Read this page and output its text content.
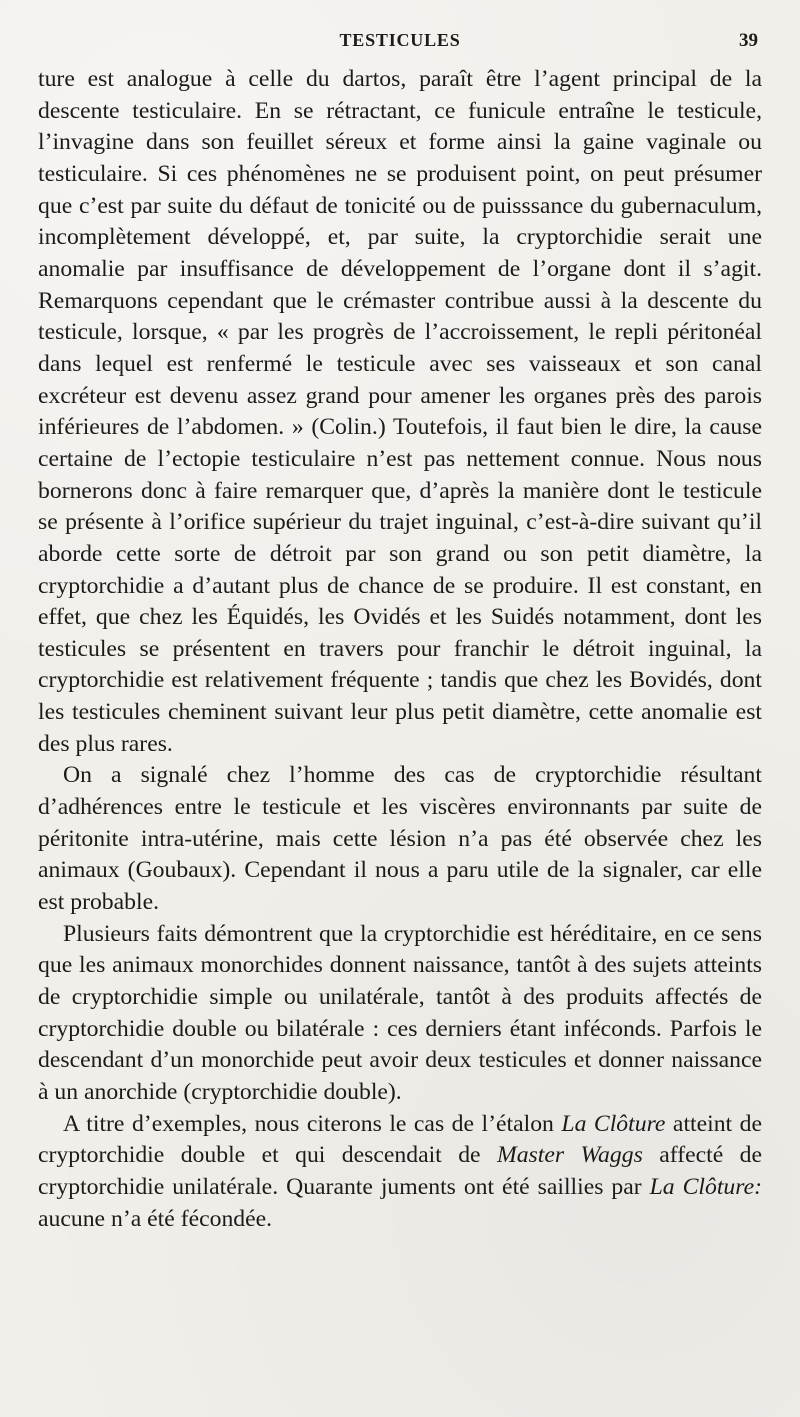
TESTICULES	39

ture est analogue à celle du dartos, paraît être l’agent principal de la descente testiculaire. En se rétractant, ce funicule entraîne le testicule, l’invagine dans son feuillet séreux et forme ainsi la gaine vaginale ou testiculaire. Si ces phénomènes ne se produisent point, on peut présumer que c’est par suite du défaut de tonicité ou de puisssance du gubernaculum, incomplètement développé, et, par suite, la cryptorchidie serait une anomalie par insuffisance de développement de l’organe dont il s’agit. Remarquons cependant que le crémaster contribue aussi à la descente du testicule, lorsque, « par les progrès de l’accroissement, le repli péritonéal dans lequel est renfermé le testicule avec ses vaisseaux et son canal excréteur est devenu assez grand pour amener les organes près des parois inférieures de l’abdomen. » (Colin.) Toutefois, il faut bien le dire, la cause certaine de l’ectopie testiculaire n’est pas nettement connue. Nous nous bornerons donc à faire remarquer que, d’après la manière dont le testicule se présente à l’orifice supérieur du trajet inguinal, c’est-à-dire suivant qu’il aborde cette sorte de détroit par son grand ou son petit diamètre, la cryptorchidie a d’autant plus de chance de se produire. Il est constant, en effet, que chez les Équidés, les Ovidés et les Suidés notamment, dont les testicules se présentent en travers pour franchir le détroit inguinal, la cryptorchidie est relativement fréquente ; tandis que chez les Bovidés, dont les testicules cheminent suivant leur plus petit diamètre, cette anomalie est des plus rares.

On a signalé chez l’homme des cas de cryptorchidie résultant d’adhérences entre le testicule et les viscères environnants par suite de péritonite intra-utérine, mais cette lésion n’a pas été observée chez les animaux (Goubaux). Cependant il nous a paru utile de la signaler, car elle est probable.

Plusieurs faits démontrent que la cryptorchidie est héréditaire, en ce sens que les animaux monorchides donnent naissance, tantôt à des sujets atteints de cryptorchidie simple ou unilatérale, tantôt à des produits affectés de cryptorchidie double ou bilatérale : ces derniers étant inféconds. Parfois le descendant d’un monorchide peut avoir deux testicules et donner naissance à un anorchide (cryptorchidie double).

A titre d’exemples, nous citerons le cas de l’étalon La Clôture atteint de cryptorchidie double et qui descendait de Master Waggs affecté de cryptorchidie unilatérale. Quarante juments ont été saillies par La Clôture: aucune n’a été fécondée.
